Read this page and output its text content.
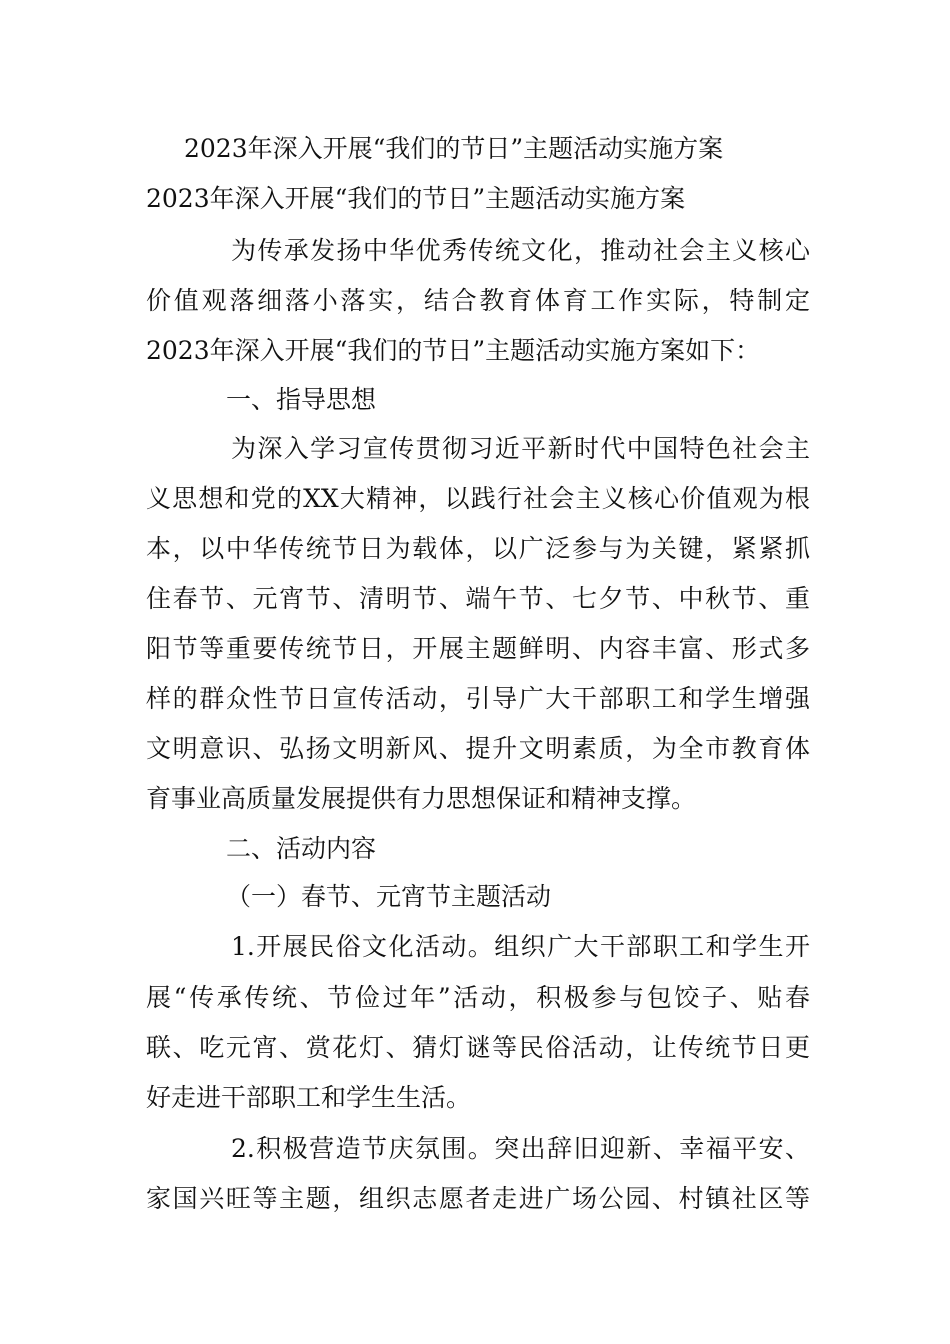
2023年深入开展“我们的节日”主题活动实施方案
2023年深入开展“我们的节日”主题活动实施方案
为传承发扬中华优秀传统文化，推动社会主义核心
价值观落细落小落实，结合教育体育工作实际，特制定
2023年深入开展“我们的节日”主题活动实施方案如下：
一、指导思想
为深入学习宣传贯彻习近平新时代中国特色社会主
义思想和党的XX大精神，以践行社会主义核心价值观为根
本，以中华传统节日为载体，以广泛参与为关键，紧紧抓
住春节、元宵节、清明节、端午节、七夕节、中秋节、重
阳节等重要传统节日，开展主题鲜明、内容丰富、形式多
样的群众性节日宣传活动，引导广大干部职工和学生增强
文明意识、弘扬文明新风、提升文明素质，为全市教育体
育事业高质量发展提供有力思想保证和精神支撑。
二、活动内容
（一）春节、元宵节主题活动
1.开展民俗文化活动。组织广大干部职工和学生开
展“传承传统、节俭过年”活动，积极参与包饺子、贴春
联、吃元宵、赏花灯、猜灯谜等民俗活动，让传统节日更
好走进干部职工和学生生活。
2.积极营造节庆氛围。突出辞旧迎新、幸福平安、
家国兴旺等主题，组织志愿者走进广场公园、村镇社区等
